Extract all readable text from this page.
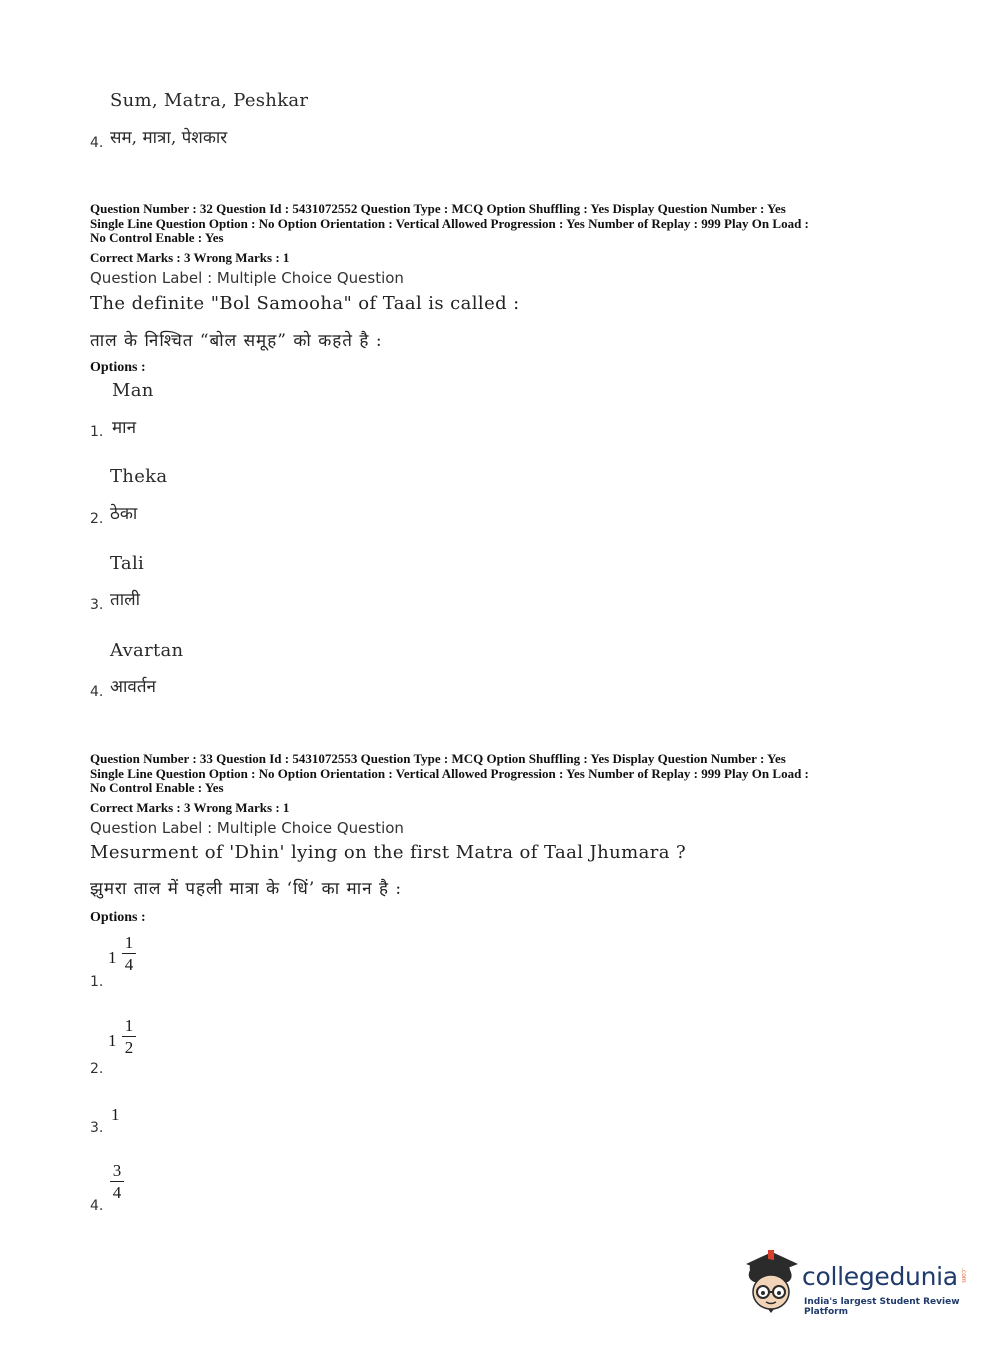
Sum, Matra, Peshkar
4. सम, मात्रा, पेशकार
Question Number : 32 Question Id : 5431072552 Question Type : MCQ Option Shuffling : Yes Display Question Number : Yes
Single Line Question Option : No Option Orientation : Vertical Allowed Progression : Yes Number of Replay : 999 Play On Load :
No Control Enable : Yes
Correct Marks : 3 Wrong Marks : 1
Question Label : Multiple Choice Question
The definite "Bol Samooha" of Taal is called :
ताल के निश्चित “बोल समूह” को कहते है :
Options :
Man
1. मान
Theka
2. ठेका
Tali
3. ताली
Avartan
4. आवर्तन
Question Number : 33 Question Id : 5431072553 Question Type : MCQ Option Shuffling : Yes Display Question Number : Yes
Single Line Question Option : No Option Orientation : Vertical Allowed Progression : Yes Number of Replay : 999 Play On Load :
No Control Enable : Yes
Correct Marks : 3 Wrong Marks : 1
Question Label : Multiple Choice Question
Mesurment of 'Dhin' lying on the first Matra of Taal Jhumara ?
झुमरा ताल में पहली मात्रा के ‘धिं’ का मान है :
Options :
1
1
4
1.
1
1
2
2.
1
3.
3
4
4.
collegedunia .com
India's largest Student Review Platform
